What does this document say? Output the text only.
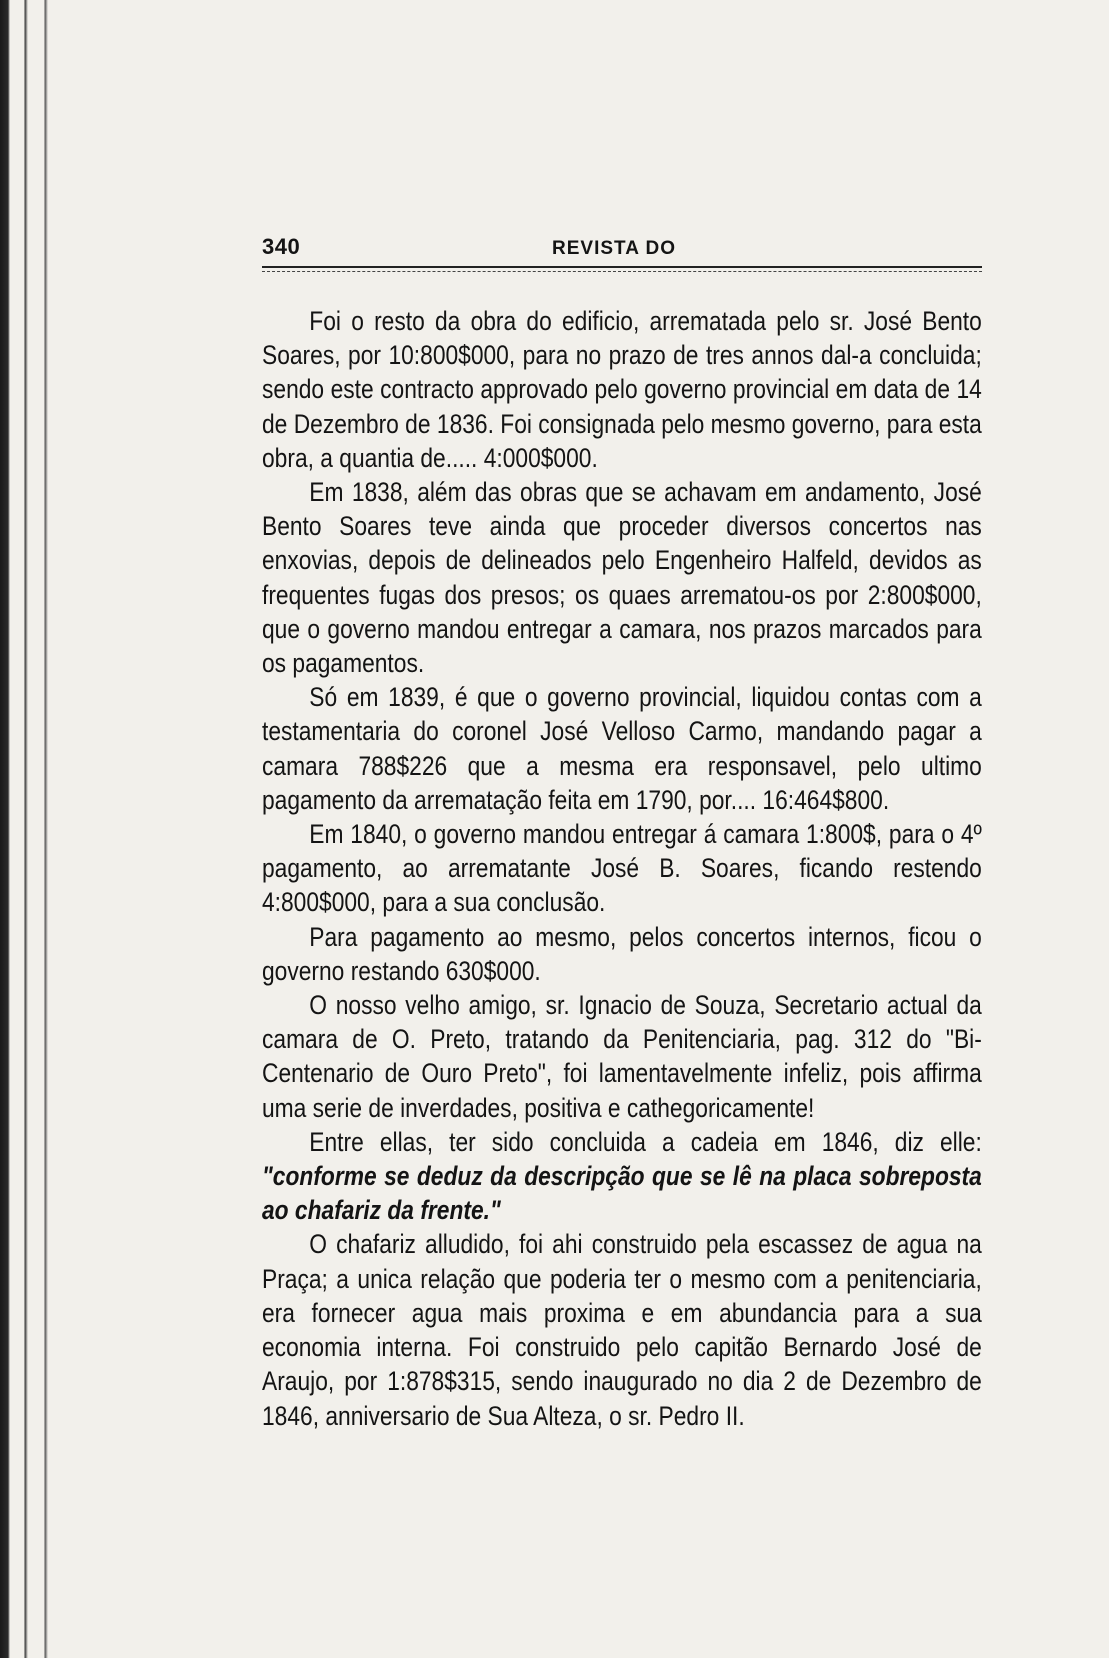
340	REVISTA DO

Foi o resto da obra do edificio, arrematada pelo sr. José Bento Soares, por 10:800$000, para no prazo de tres annos dal-a concluida; sendo este contracto approvado pelo governo provincial em data de 14 de Dezembro de 1836. Foi consignada pelo mesmo governo, para esta obra, a quantia de..... 4:000$000.

Em 1838, além das obras que se achavam em andamento, José Bento Soares teve ainda que proceder diversos concertos nas enxovias, depois de delineados pelo Engenheiro Halfeld, devidos as frequentes fugas dos presos; os quaes arrematou-os por 2:800$000, que o governo mandou entregar a camara, nos prazos marcados para os pagamentos.

Só em 1839, é que o governo provincial, liquidou contas com a testamentaria do coronel José Velloso Carmo, mandando pagar a camara 788$226 que a mesma era responsavel, pelo ultimo pagamento da arrematação feita em 1790, por.... 16:464$800.

Em 1840, o governo mandou entregar á camara 1:800$, para o 4º pagamento, ao arrematante José B. Soares, ficando restendo 4:800$000, para a sua conclusão.

Para pagamento ao mesmo, pelos concertos internos, ficou o governo restando 630$000.

O nosso velho amigo, sr. Ignacio de Souza, Secretario actual da camara de O. Preto, tratando da Penitenciaria, pag. 312 do "Bi-Centenario de Ouro Preto", foi lamentavelmente infeliz, pois affirma uma serie de inverdades, positiva e cathegoricamente!

Entre ellas, ter sido concluida a cadeia em 1846, diz elle: "conforme se deduz da descripção que se lê na placa sobreposta ao chafariz da frente."

O chafariz alludido, foi ahi construido pela escassez de agua na Praça; a unica relação que poderia ter o mesmo com a penitenciaria, era fornecer agua mais proxima e em abundancia para a sua economia interna. Foi construido pelo capitão Bernardo José de Araujo, por 1:878$315, sendo inaugurado no dia 2 de Dezembro de 1846, anniversario de Sua Alteza, o sr. Pedro II.
